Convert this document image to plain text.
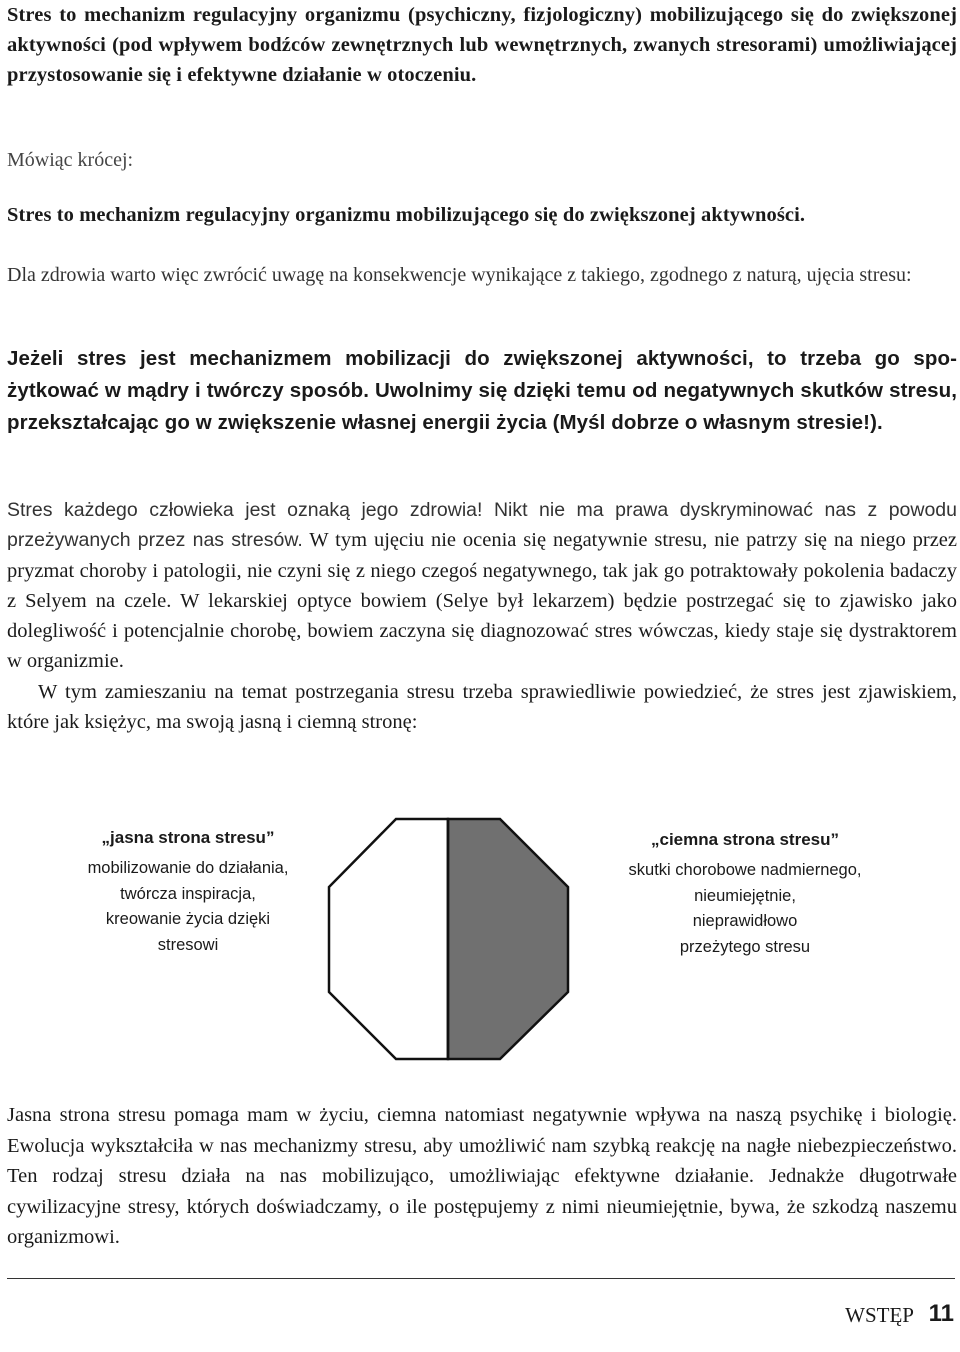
Stres to mechanizm regulacyjny organizmu (psychiczny, fizjologiczny) mobilizującego się do zwiększonej aktywności (pod wpływem bodźców zewnętrznych lub wewnętrznych, zwanych stresorami) umożliwiającej przystosowanie się i efektywne działanie w otoczeniu.

Mówiąc krócej:

Stres to mechanizm regulacyjny organizmu mobilizującego się do zwiększonej aktywności.

Dla zdrowia warto więc zwrócić uwagę na konsekwencje wynikające z takiego, zgodnego z naturą, ujęcia stresu:

Jeżeli stres jest mechanizmem mobilizacji do zwiększonej aktywności, to trzeba go spożytkować w mądry i twórczy sposób. Uwolnimy się dzięki temu od negatywnych skutków stresu, przekształcając go w zwiększenie własnej energii życia (Myśl dobrze o własnym stresie!).

Stres każdego człowieka jest oznaką jego zdrowia! Nikt nie ma prawa dyskryminować nas z powodu przeżywanych przez nas stresów. W tym ujęciu nie ocenia się negatywnie stresu, nie patrzy się na niego przez pryzmat choroby i patologii, nie czyni się z niego czegoś negatywnego, tak jak go potraktowały pokolenia badaczy z Selyem na czele. W lekarskiej optyce bowiem (Selye był lekarzem) będzie postrzegać się to zjawisko jako dolegliwość i potencjalnie chorobę, bowiem zaczyna się diagnozować stres wówczas, kiedy staje się dystraktorem w organizmie.
W tym zamieszaniu na temat postrzegania stresu trzeba sprawiedliwie powiedzieć, że stres jest zjawiskiem, które jak księżyc, ma swoją jasną i ciemną stronę:
„jasna strona stresu”
mobilizowanie do działania,
twórcza inspiracja,
kreowanie życia dzięki
stresowi
„ciemna strona stresu”
skutki chorobowe nadmiernego,
nieumiejętnie,
nieprawidłowo
przeżytego stresu

Jasna strona stresu pomaga mam w życiu, ciemna natomiast negatywnie wpływa na naszą psychikę i biologię. Ewolucja wykształciła w nas mechanizmy stresu, aby umożliwić nam szybką reakcję na nagłe niebezpieczeństwo. Ten rodzaj stresu działa na nas mobilizująco, umożliwiając efektywne działanie. Jednakże długotrwałe cywilizacyjne stresy, których doświadczamy, o ile postępujemy z nimi nieumiejętnie, bywa, że szkodzą naszemu organizmowi.

WSTĘP 11
